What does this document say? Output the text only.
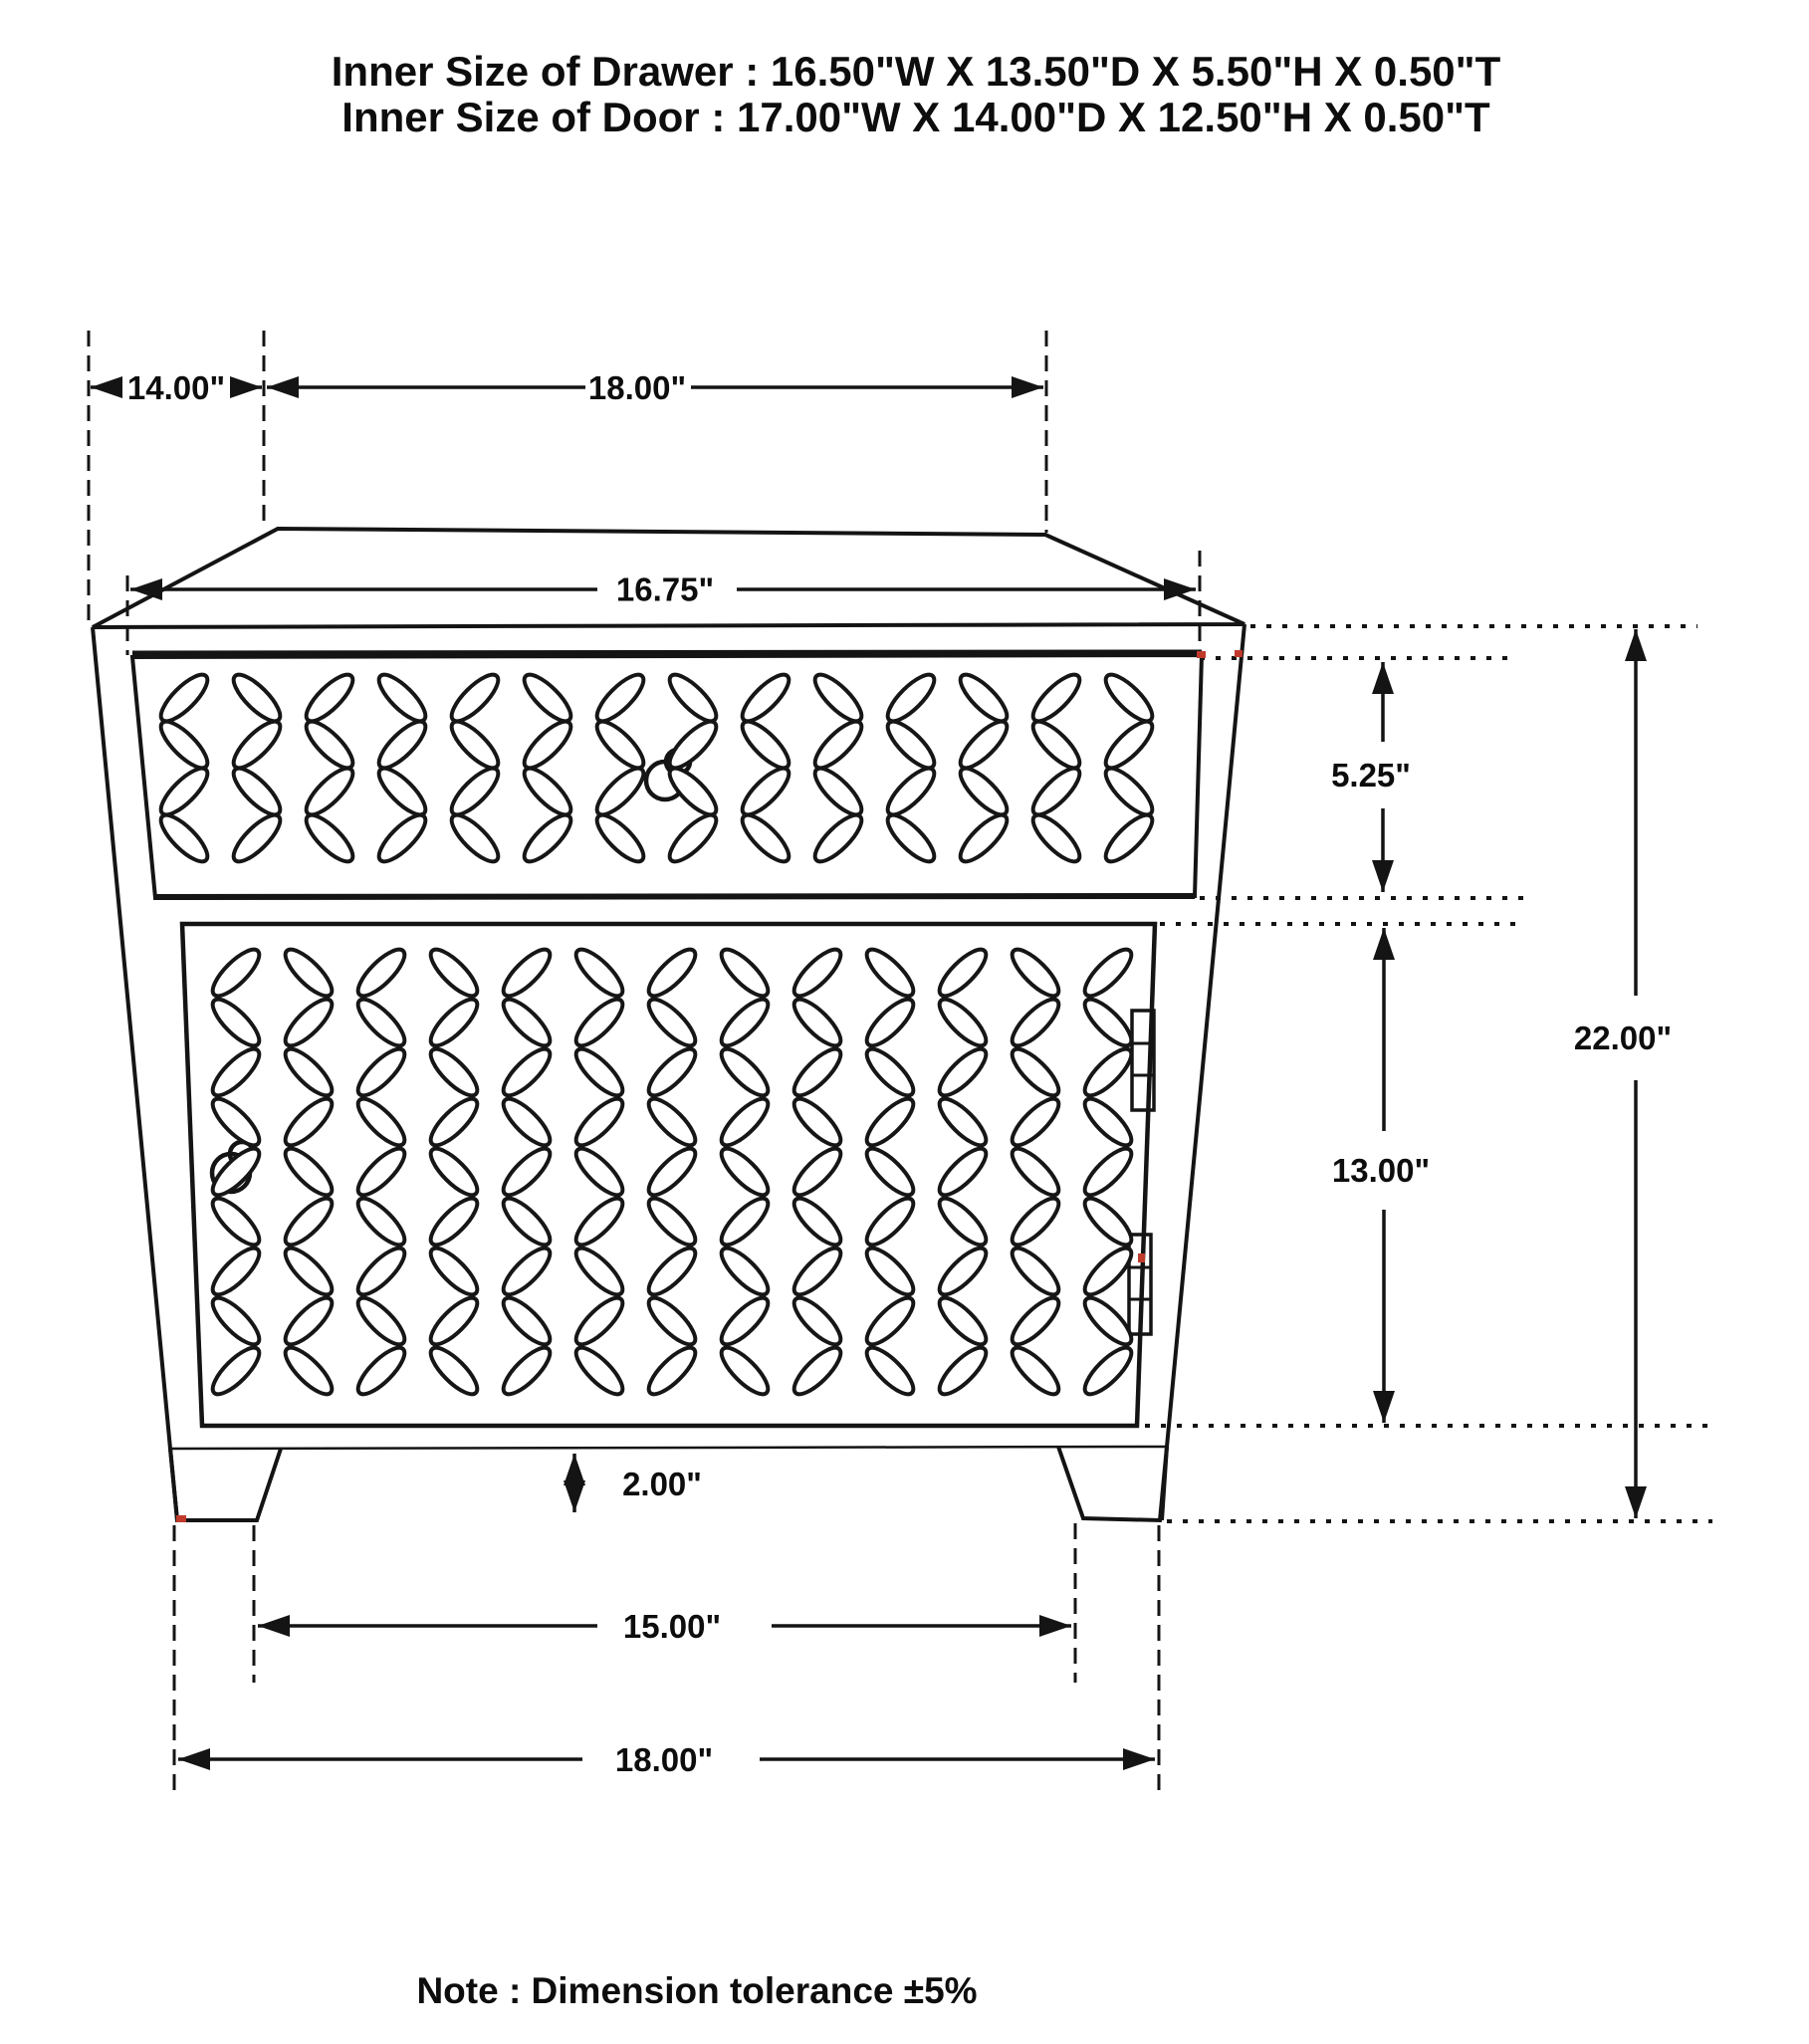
Inner Size of Drawer : 16.50"W X 13.50"D X 5.50"H X 0.50"T
Inner Size of Door : 17.00"W X 14.00"D X 12.50"H X 0.50"T
14.00"	18.00"
16.75"
5.25"
13.00"
22.00"
2.00"
15.00"
18.00"
Note : Dimension tolerance ±5%
